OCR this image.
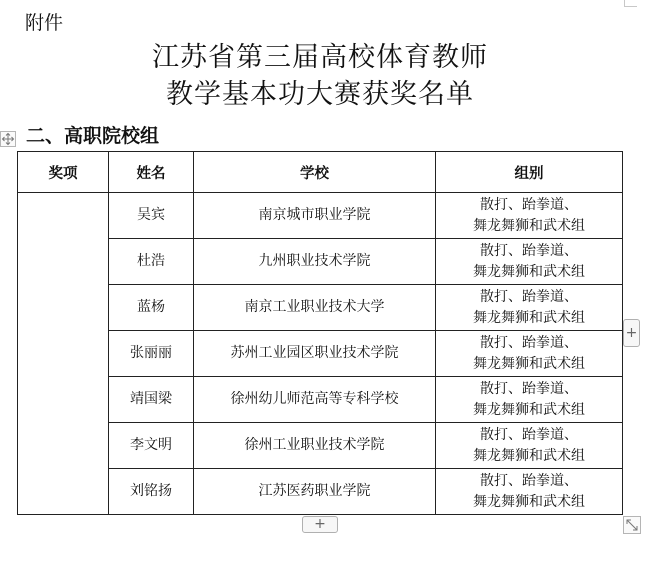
附件
江苏省第三届高校体育教师
教学基本功大赛获奖名单
二、高职院校组
奖项	姓名	学校	组别
	吴宾	南京城市职业学院	散打、跆拳道、
舞龙舞狮和武术组

	杜浩	九州职业技术学院	散打、跆拳道、
舞龙舞狮和武术组

	蓝杨	南京工业职业技术大学	散打、跆拳道、
舞龙舞狮和武术组

	张丽丽	苏州工业园区职业技术学院	散打、跆拳道、
舞龙舞狮和武术组

	靖国梁	徐州幼儿师范高等专科学校	散打、跆拳道、
舞龙舞狮和武术组

	李文明	徐州工业职业技术学院	散打、跆拳道、
舞龙舞狮和武术组

	刘铭扬	江苏医药职业学院	散打、跆拳道、
舞龙舞狮和武术组
+
+
